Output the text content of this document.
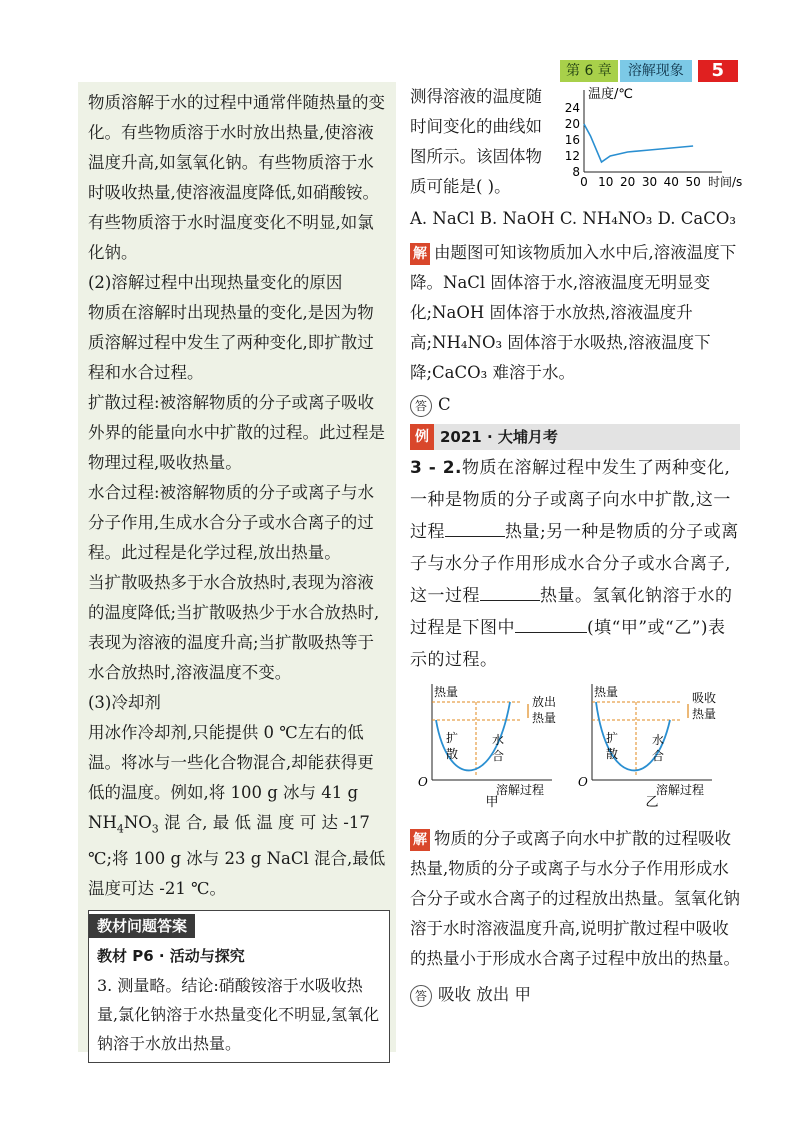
第 6 章	溶解现象	5

物质溶解于水的过程中通常伴随热量的变化。有些物质溶于水时放出热量,使溶液温度升高,如氢氧化钠。有些物质溶于水时吸收热量,使溶液温度降低,如硝酸铵。有些物质溶于水时温度变化不明显,如氯化钠。

(2)溶解过程中出现热量变化的原因

物质在溶解时出现热量的变化,是因为物质溶解过程中发生了两种变化,即扩散过程和水合过程。

扩散过程:被溶解物质的分子或离子吸收外界的能量向水中扩散的过程。此过程是物理过程,吸收热量。

水合过程:被溶解物质的分子或离子与水分子作用,生成水合分子或水合离子的过程。此过程是化学过程,放出热量。

当扩散吸热多于水合放热时,表现为溶液的温度降低;当扩散吸热少于水合放热时,表现为溶液的温度升高;当扩散吸热等于水合放热时,溶液温度不变。

(3)冷却剂

用冰作冷却剂,只能提供 0 ℃左右的低温。将冰与一些化合物混合,却能获得更低的温度。例如,将 100 g 冰与 41 g $NH_4NO_3$ 混 合, 最 低 温 度 可 达 -17 ℃;将 100 g 冰与 23 g NaCl 混合,最低温度可达 -21 ℃。

教材问题答案
教材 P6 · 活动与探究
3. 测量略。结论:硝酸铵溶于水吸收热量,氯化钠溶于水热量变化不明显,氢氧化钠溶于水放出热量。

测得溶液的温度随时间变化的曲线如图所示。该固体物质可能是( )。

A. NaCl B. NaOH C. NH₄NO₃ D. CaCO₃

解 由题图可知该物质加入水中后,溶液温度下降。NaCl 固体溶于水,溶液温度无明显变化;NaOH 固体溶于水放热,溶液温度升高;NH₄NO₃ 固体溶于水吸热,溶液温度下降;CaCO₃ 难溶于水。

答 C

例 2021 · 大埔月考

3 - 2.物质在溶解过程中发生了两种变化,一种是物质的分子或离子向水中扩散,这一过程	热量;另一种是物质的分子或离子与水分子作用形成水合分子或水合离子,这一过程	热量。氢氧化钠溶于水的过程是下图中	(填“甲”或“乙”)表示的过程。

温度/℃
8
12
16
20
24
0 10 20 30 40 50 时间/s
热量
O
溶解过程
甲
扩
散
水
合
放出
热量
热量
O
溶解过程
乙
扩
散
水
合
吸收
热量

解 物质的分子或离子向水中扩散的过程吸收热量,物质的分子或离子与水分子作用形成水合分子或水合离子的过程放出热量。氢氧化钠溶于水时溶液温度升高,说明扩散过程中吸收的热量小于形成水合离子过程中放出的热量。

答 吸收 放出 甲
